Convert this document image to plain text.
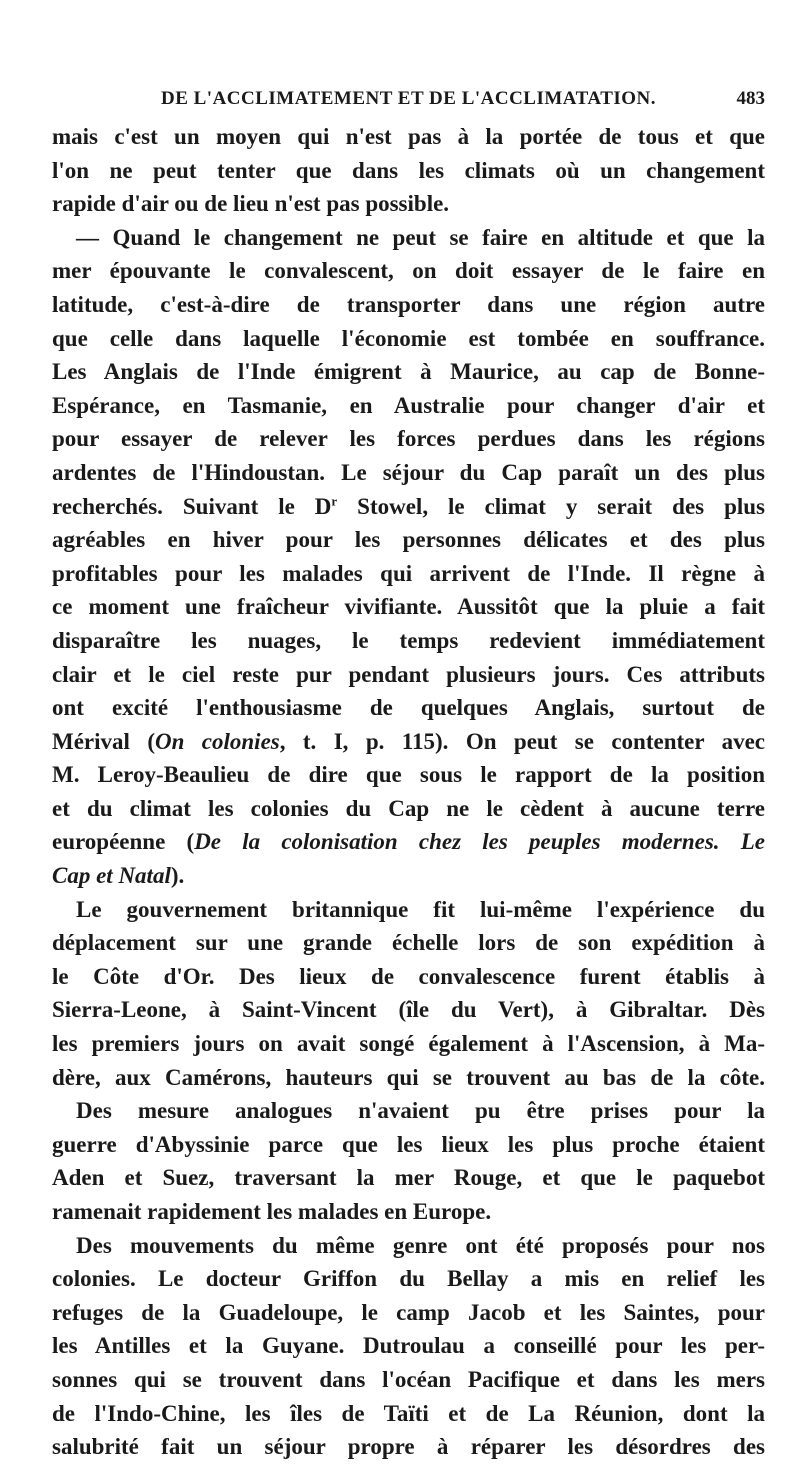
DE L'ACCLIMATEMENT ET DE L'ACCLIMATATION.	483
mais c'est un moyen qui n'est pas à la portée de tous et que
l'on ne peut tenter que dans les climats où un changement
rapide d'air ou de lieu n'est pas possible.
— Quand le changement ne peut se faire en altitude et que la
mer épouvante le convalescent, on doit essayer de le faire en
latitude, c'est-à-dire de transporter dans une région autre
que celle dans laquelle l'économie est tombée en souffrance.
Les Anglais de l'Inde émigrent à Maurice, au cap de Bonne-
Espérance, en Tasmanie, en Australie pour changer d'air et
pour essayer de relever les forces perdues dans les régions
ardentes de l'Hindoustan. Le séjour du Cap paraît un des plus
recherchés. Suivant le $D^r$ Stowel, le climat y serait des plus
agréables en hiver pour les personnes délicates et des plus
profitables pour les malades qui arrivent de l'Inde. Il règne à
ce moment une fraîcheur vivifiante. Aussitôt que la pluie a fait
disparaître les nuages, le temps redevient immédiatement
clair et le ciel reste pur pendant plusieurs jours. Ces attributs
ont excité l'enthousiasme de quelques Anglais, surtout de
Mérival (On colonies, t. I, p. 115). On peut se contenter avec
M. Leroy-Beaulieu de dire que sous le rapport de la position
et du climat les colonies du Cap ne le cèdent à aucune terre
européenne (De la colonisation chez les peuples modernes. Le
Cap et Natal).
Le gouvernement britannique fit lui-même l'expérience du
déplacement sur une grande échelle lors de son expédition à
le Côte d'Or. Des lieux de convalescence furent établis à
Sierra-Leone, à Saint-Vincent (île du Vert), à Gibraltar. Dès
les premiers jours on avait songé également à l'Ascension, à Ma-
dère, aux Camérons, hauteurs qui se trouvent au bas de la côte.
Des mesure analogues n'avaient pu être prises pour la
guerre d'Abyssinie parce que les lieux les plus proche étaient
Aden et Suez, traversant la mer Rouge, et que le paquebot
ramenait rapidement les malades en Europe.
Des mouvements du même genre ont été proposés pour nos
colonies. Le docteur Griffon du Bellay a mis en relief les
refuges de la Guadeloupe, le camp Jacob et les Saintes, pour
les Antilles et la Guyane. Dutroulau a conseillé pour les per-
sonnes qui se trouvent dans l'océan Pacifique et dans les mers
de l'Indo-Chine, les îles de Taïti et de La Réunion, dont la
salubrité fait un séjour propre à réparer les désordres des
